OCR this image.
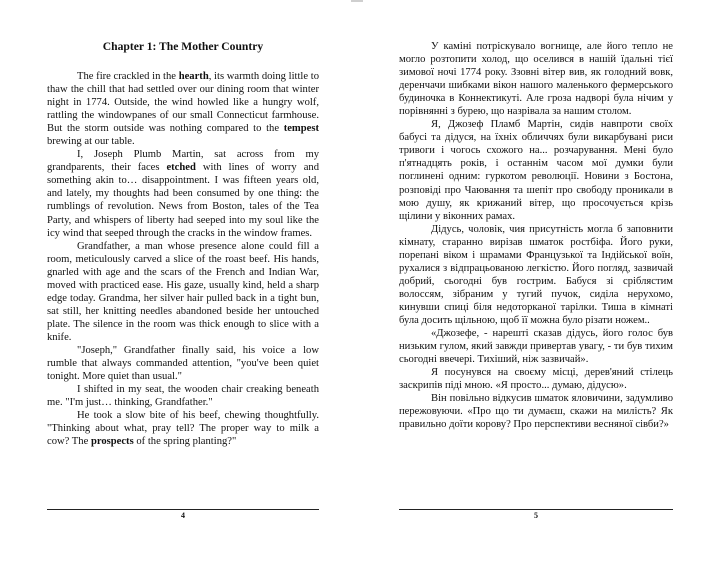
Chapter 1: The Mother Country

The fire crackled in the hearth, its warmth doing little to thaw the chill that had settled over our dining room that winter night in 1774. Outside, the wind howled like a hungry wolf, rattling the windowpanes of our small Connecticut farmhouse. But the storm outside was nothing compared to the tempest brewing at our table.

I, Joseph Plumb Martin, sat across from my grandparents, their faces etched with lines of worry and something akin to… disappointment. I was fifteen years old, and lately, my thoughts had been consumed by one thing: the rumblings of revolution. News from Boston, tales of the Tea Party, and whispers of liberty had seeped into my soul like the icy wind that seeped through the cracks in the window frames.

Grandfather, a man whose presence alone could fill a room, meticulously carved a slice of the roast beef. His hands, gnarled with age and the scars of the French and Indian War, moved with practiced ease. His gaze, usually kind, held a sharp edge today. Grandma, her silver hair pulled back in a tight bun, sat still, her knitting needles abandoned beside her untouched plate. The silence in the room was thick enough to slice with a knife.

"Joseph," Grandfather finally said, his voice a low rumble that always commanded attention, "you've been quiet tonight. More quiet than usual."

I shifted in my seat, the wooden chair creaking beneath me. "I'm just… thinking, Grandfather."

He took a slow bite of his beef, chewing thoughtfully. "Thinking about what, pray tell? The proper way to milk a cow? The prospects of the spring planting?"

4

У каміні потріскувало вогнище, але його тепло не могло розтопити холод, що оселився в нашій їдальні тієї зимової ночі 1774 року. Ззовні вітер вив, як голодний вовк, деренчачи шибками вікон нашого маленького фермерського будиночка в Коннектикуті. Але гроза надворі була нічим у порівнянні з бурею, що назрівала за нашим столом.

Я, Джозеф Пламб Мартін, сидів навпроти своїх бабусі та дідуся, на їхніх обличчях були викарбувані риси тривоги і чогось схожого на... розчарування. Мені було п'ятнадцять років, і останнім часом мої думки були поглинені одним: гуркотом революції. Новини з Бостона, розповіді про Чаювання та шепіт про свободу проникали в мою душу, як крижаний вітер, що просочується крізь щілини у віконних рамах.

Дідусь, чоловік, чия присутність могла б заповнити кімнату, старанно вирізав шматок ростбіфа. Його руки, порепані віком і шрамами Французької та Індійської воїн, рухалися з відпрацьованою легкістю. Його погляд, зазвичай добрий, сьогодні був гострим. Бабуся зі сріблястим волоссям, зібраним у тугий пучок, сиділа нерухомо, кинувши спиці біля недоторканої тарілки. Тиша в кімнаті була досить щільною, щоб її можна було різати ножем..

«Джозефе, - нарешті сказав дідусь, його голос був низьким гулом, який завжди привертав увагу, - ти був тихим сьогодні ввечері. Тихіший, ніж зазвичай».

Я посунувся на своєму місці, дерев'яний стілець заскрипів піді мною. «Я просто... думаю, дідусю».

Він повільно відкусив шматок яловичини, задумливо пережовуючи. «Про що ти думаєш, скажи на милість? Як правильно доїти корову? Про перспективи весняної сівби?»

5
